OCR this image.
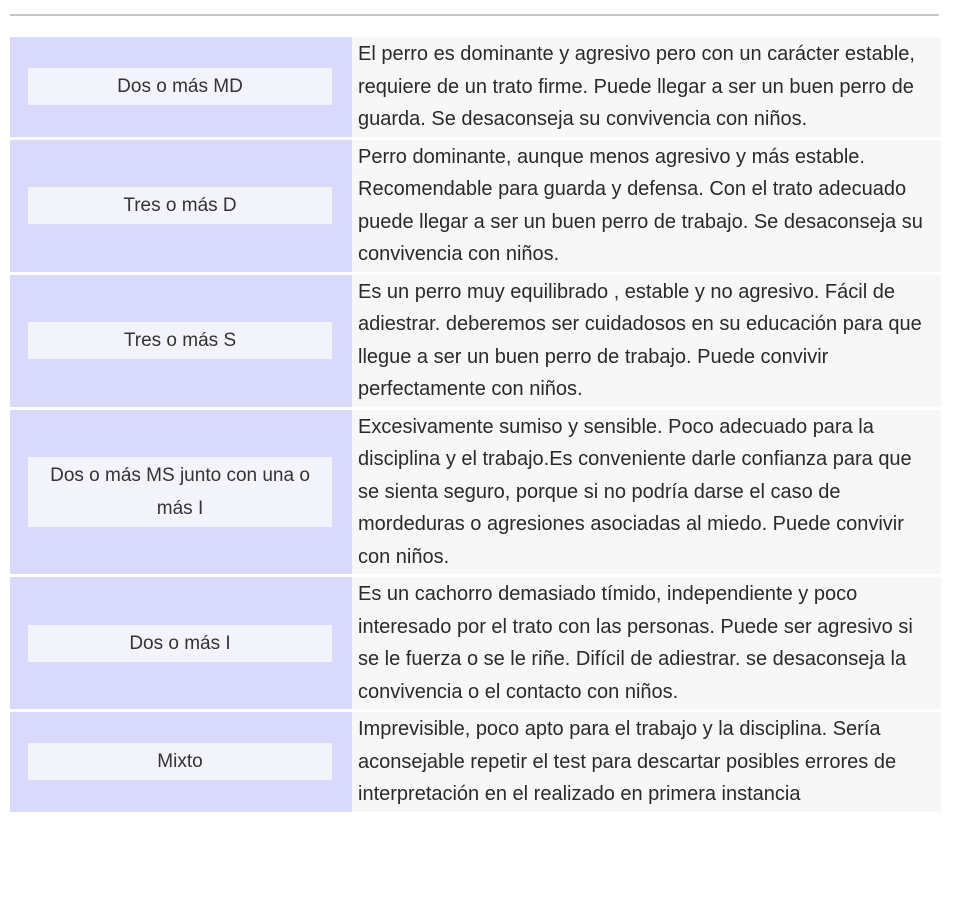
Dos o más MD	El perro es dominante y agresivo pero con un carácter estable, requiere de un trato firme. Puede llegar a ser un buen perro de guarda. Se desaconseja su convivencia con niños.

Tres o más D	Perro dominante, aunque menos agresivo y más estable. Recomendable para guarda y defensa. Con el trato adecuado puede llegar a ser un buen perro de trabajo. Se desaconseja su convivencia con niños.

Tres o más S	Es un perro muy equilibrado , estable y no agresivo. Fácil de adiestrar. deberemos ser cuidadosos en su educación para que llegue a ser un buen perro de trabajo. Puede convivir perfectamente con niños.

Dos o más MS junto con una o más I	Excesivamente sumiso y sensible. Poco adecuado para la disciplina y el trabajo.Es conveniente darle confianza para que se sienta seguro, porque si no podría darse el caso de mordeduras o agresiones asociadas al miedo. Puede convivir con niños.

Dos o más I	Es un cachorro demasiado tímido, independiente y poco interesado por el trato con las personas. Puede ser agresivo si se le fuerza o se le riñe. Difícil de adiestrar. se desaconseja la convivencia o el contacto con niños.

Mixto	Imprevisible, poco apto para el trabajo y la disciplina. Sería aconsejable repetir el test para descartar posibles errores de interpretación en el realizado en primera instancia
